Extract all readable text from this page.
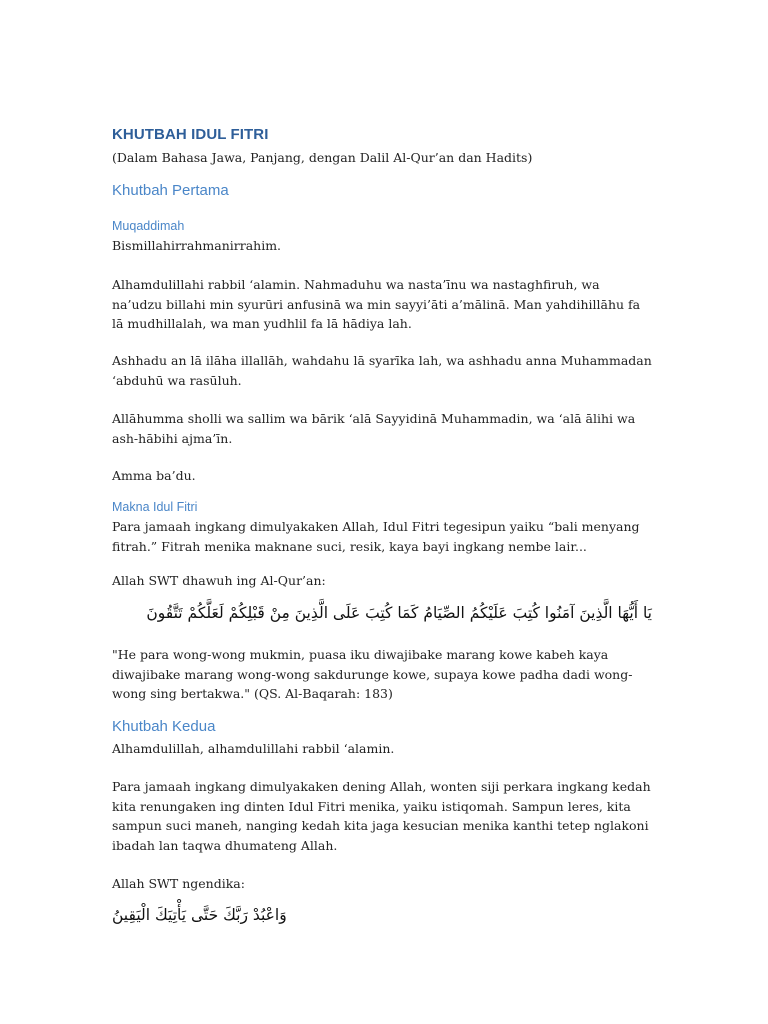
KHUTBAH IDUL FITRI
(Dalam Bahasa Jawa, Panjang, dengan Dalil Al-Qur’an dan Hadits)
Khutbah Pertama
Muqaddimah
Bismillahirrahmanirrahim.
Alhamdulillahi rabbil ‘alamin. Nahmaduhu wa nasta’īnu wa nastaghfiruh, wa na’udzu billahi min syurūri anfusinā wa min sayyi’āti a’mālinā. Man yahdihillāhu fa lā mudhillalah, wa man yudhlil fa lā hādiya lah.
Ashhadu an lā ilāha illallāh, wahdahu lā syarīka lah, wa ashhadu anna Muhammadan ‘abduhū wa rasūluh.
Allāhumma sholli wa sallim wa bārik ‘alā Sayyidinā Muhammadin, wa ‘alā ālihi wa ash-hābihi ajma’īn.
Amma ba’du.
Makna Idul Fitri
Para jamaah ingkang dimulyakaken Allah, Idul Fitri tegesipun yaiku “bali menyang fitrah.” Fitrah menika maknane suci, resik, kaya bayi ingkang nembe lair...
Allah SWT dhawuh ing Al-Qur’an:
يَا أَيُّهَا الَّذِينَ آمَنُوا كُتِبَ عَلَيْكُمُ الصِّيَامُ كَمَا كُتِبَ عَلَى الَّذِينَ مِنْ قَبْلِكُمْ لَعَلَّكُمْ تَتَّقُونَ
"He para wong-wong mukmin, puasa iku diwajibake marang kowe kabeh kaya diwajibake marang wong-wong sakdurunge kowe, supaya kowe padha dadi wong-wong sing bertakwa." (QS. Al-Baqarah: 183)
Khutbah Kedua
Alhamdulillah, alhamdulillahi rabbil ‘alamin.
Para jamaah ingkang dimulyakaken dening Allah, wonten siji perkara ingkang kedah kita renungaken ing dinten Idul Fitri menika, yaiku istiqomah. Sampun leres, kita sampun suci maneh, nanging kedah kita jaga kesucian menika kanthi tetep nglakoni ibadah lan taqwa dhumateng Allah.
Allah SWT ngendika:
وَاعْبُدْ رَبَّكَ حَتَّى يَأْتِيَكَ الْيَقِينُ
